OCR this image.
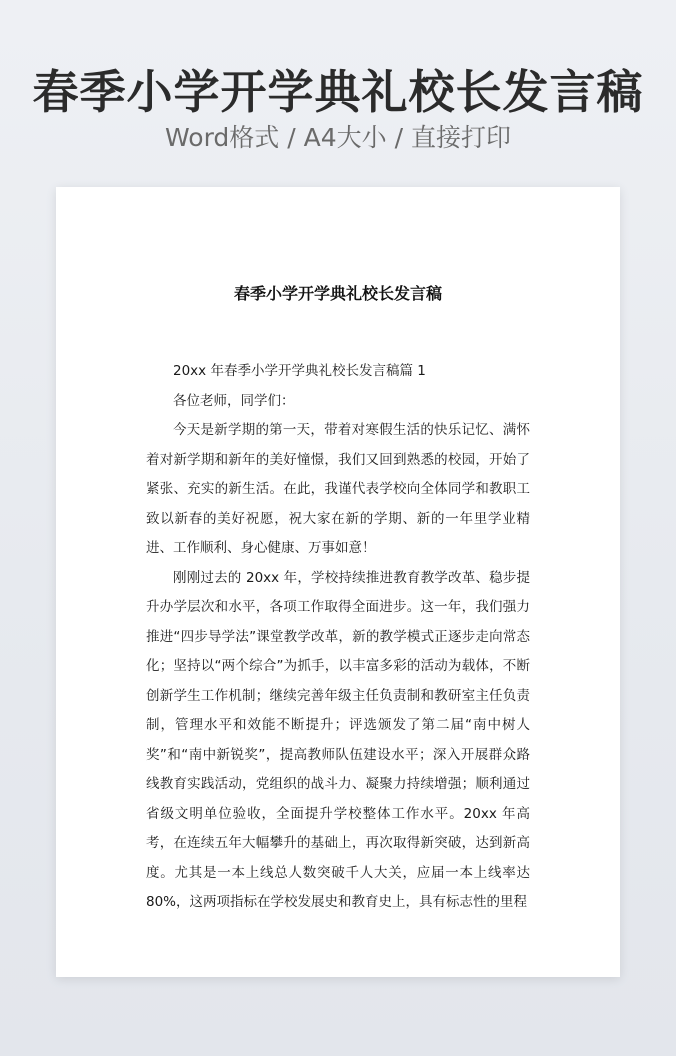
春季小学开学典礼校长发言稿
Word格式 / A4大小 / 直接打印
春季小学开学典礼校长发言稿

20xx 年春季小学开学典礼校长发言稿篇 1

各位老师，同学们：

今天是新学期的第一天，带着对寒假生活的快乐记忆、满怀着对新学期和新年的美好憧憬，我们又回到熟悉的校园，开始了紧张、充实的新生活。在此，我谨代表学校向全体同学和教职工致以新春的美好祝愿，祝大家在新的学期、新的一年里学业精进、工作顺利、身心健康、万事如意！

刚刚过去的 20xx 年，学校持续推进教育教学改革、稳步提升办学层次和水平，各项工作取得全面进步。这一年，我们强力推进“四步导学法”课堂教学改革，新的教学模式正逐步走向常态化；坚持以“两个综合”为抓手，以丰富多彩的活动为载体，不断创新学生工作机制；继续完善年级主任负责制和教研室主任负责制，管理水平和效能不断提升；评选颁发了第二届“南中树人奖”和“南中新锐奖”，提高教师队伍建设水平；深入开展群众路线教育实践活动，党组织的战斗力、凝聚力持续增强；顺利通过省级文明单位验收，全面提升学校整体工作水平。20xx 年高考，在连续五年大幅攀升的基础上，再次取得新突破，达到新高度。尤其是一本上线总人数突破千人大关，应届一本上线率达 80%，这两项指标在学校发展史和教育史上，具有标志性的里程
